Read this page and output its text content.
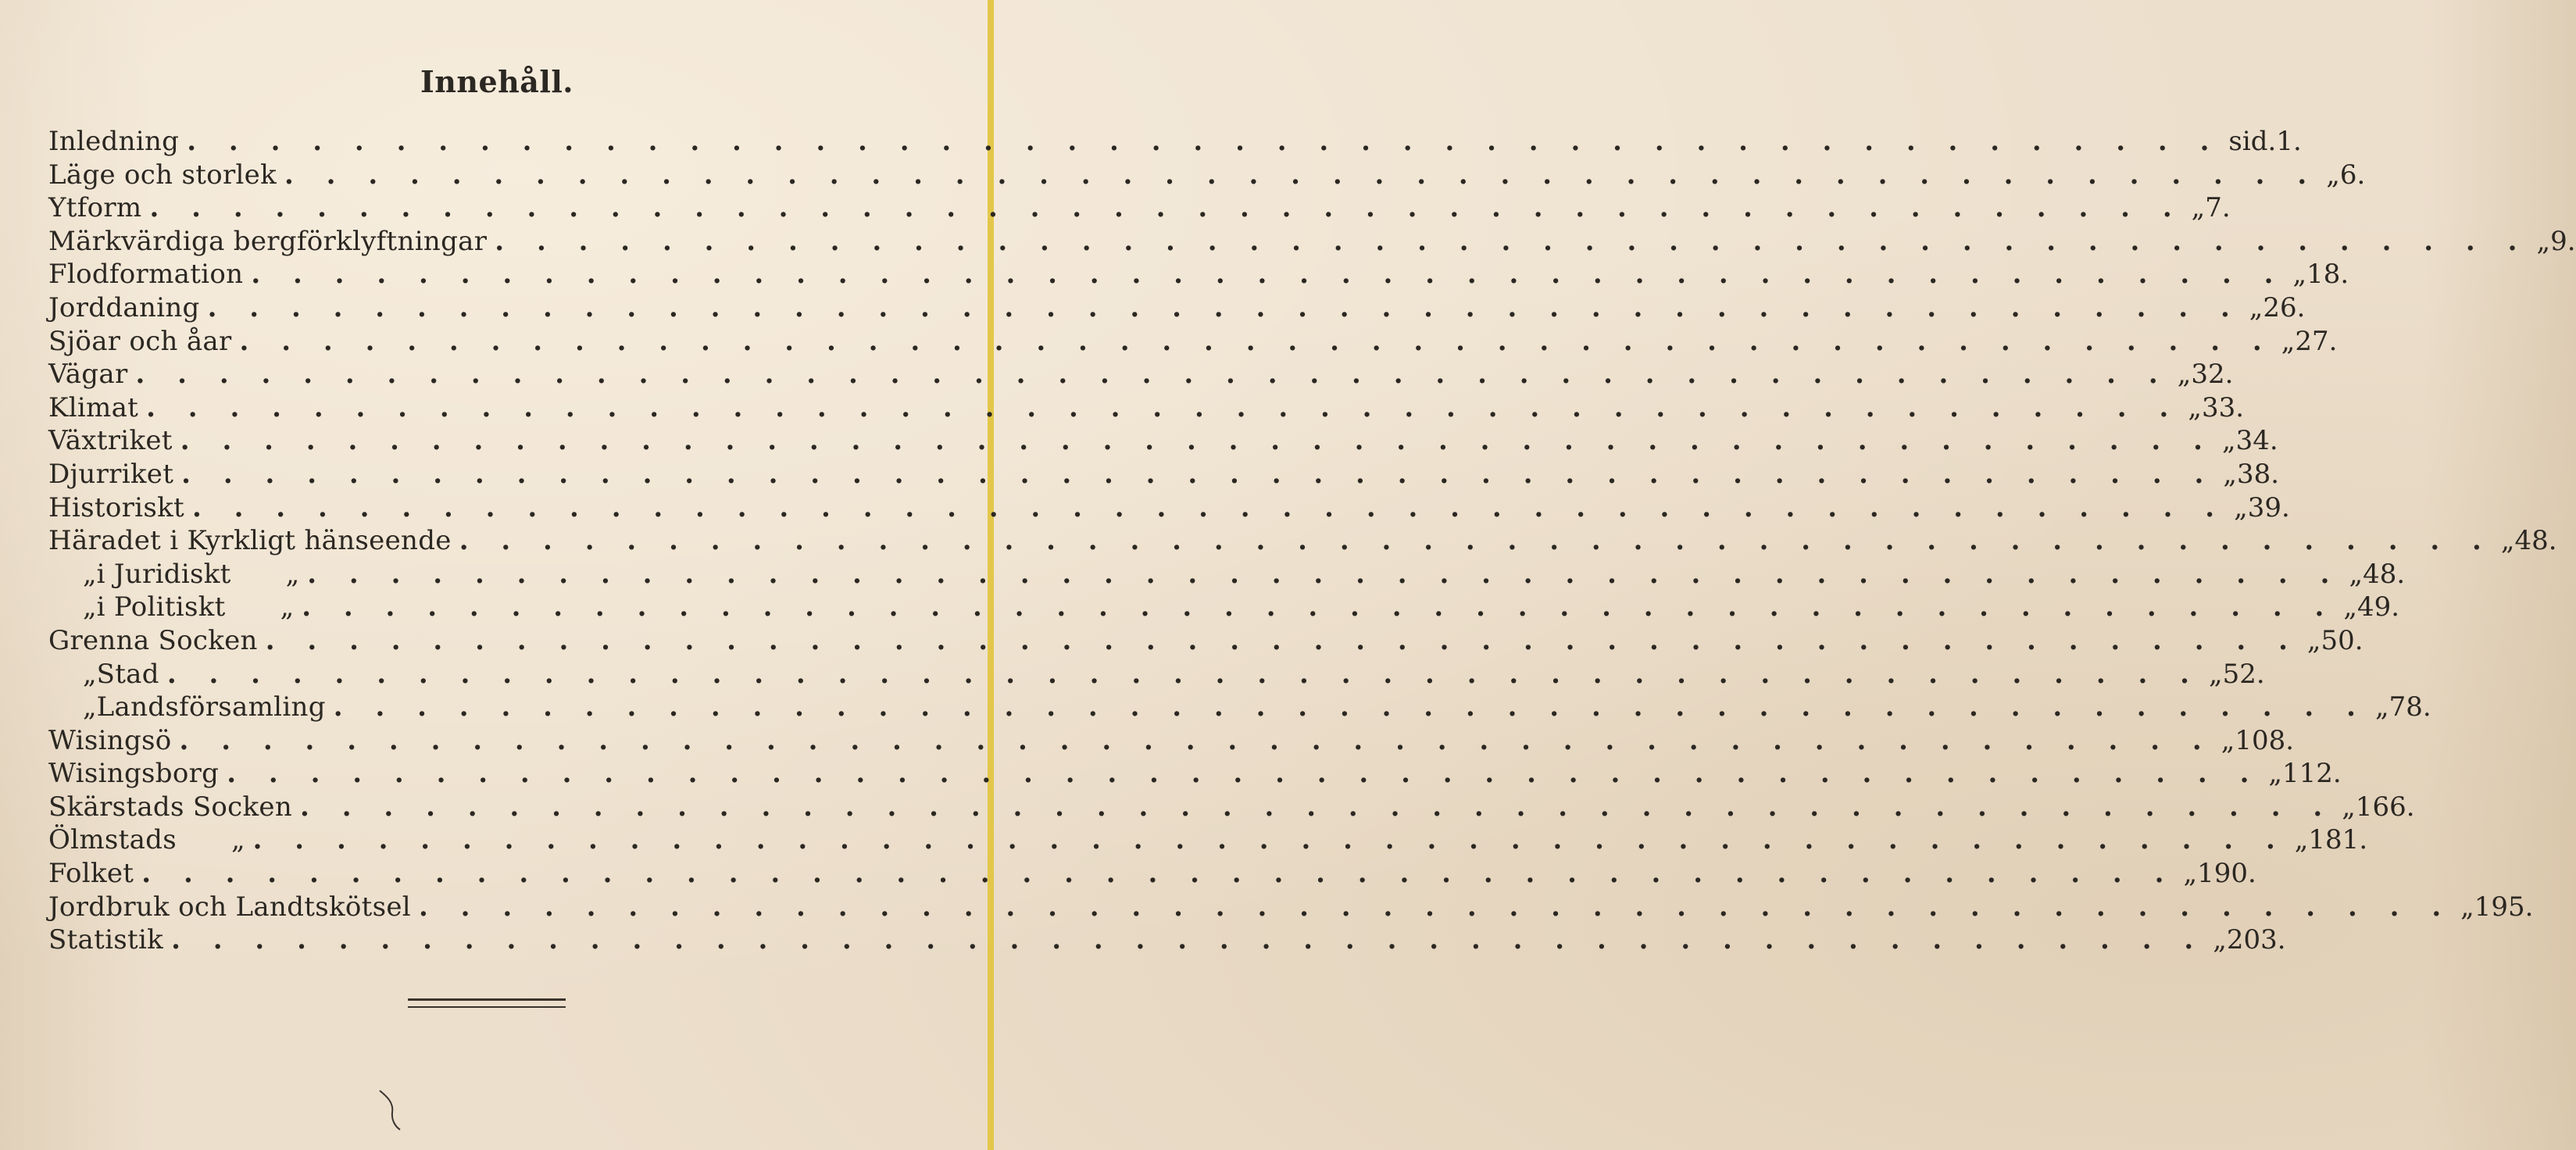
Innehåll.
Inledning . . . . . . . . . . . . . . . . . . . . . . . . . . . . . . . . . . . . . . . . . . . . . . . . . sid. 1.
Läge och storlek . . . . . . . . . . . . . . . . . . . . . . . . . . . . . . . . . . . . . . . . . . . . . . . . . „ 6.
Ytform . . . . . . . . . . . . . . . . . . . . . . . . . . . . . . . . . . . . . . . . . . . . . . . . . „ 7.
Märkvärdiga bergförklyftningar . . . . . . . . . . . . . . . . . . . . . . . . . . . . . . . . . . . . . . . . . . . . . . . . . „ 9.
Flodformation . . . . . . . . . . . . . . . . . . . . . . . . . . . . . . . . . . . . . . . . . . . . . . . . . „ 18.
Jorddaning . . . . . . . . . . . . . . . . . . . . . . . . . . . . . . . . . . . . . . . . . . . . . . . . . „ 26.
Sjöar och åar . . . . . . . . . . . . . . . . . . . . . . . . . . . . . . . . . . . . . . . . . . . . . . . . . „ 27.
Vägar . . . . . . . . . . . . . . . . . . . . . . . . . . . . . . . . . . . . . . . . . . . . . . . . . „ 32.
Klimat . . . . . . . . . . . . . . . . . . . . . . . . . . . . . . . . . . . . . . . . . . . . . . . . . „ 33.
Växtriket . . . . . . . . . . . . . . . . . . . . . . . . . . . . . . . . . . . . . . . . . . . . . . . . . „ 34.
Djurriket . . . . . . . . . . . . . . . . . . . . . . . . . . . . . . . . . . . . . . . . . . . . . . . . . „ 38.
Historiskt . . . . . . . . . . . . . . . . . . . . . . . . . . . . . . . . . . . . . . . . . . . . . . . . . „ 39.
Häradet i Kyrkligt hänseende . . . . . . . . . . . . . . . . . . . . . . . . . . . . . . . . . . . . . . . . . . . . . . . . . „ 48.
„ i Juridiskt	„ . . . . . . . . . . . . . . . . . . . . . . . . . . . . . . . . . . . . . . . . . . . . . . . . . „ 48.
„ i Politiskt	„ . . . . . . . . . . . . . . . . . . . . . . . . . . . . . . . . . . . . . . . . . . . . . . . . . „ 49.
Grenna Socken . . . . . . . . . . . . . . . . . . . . . . . . . . . . . . . . . . . . . . . . . . . . . . . . . „ 50.
„ Stad . . . . . . . . . . . . . . . . . . . . . . . . . . . . . . . . . . . . . . . . . . . . . . . . . „ 52.
„ Landsförsamling . . . . . . . . . . . . . . . . . . . . . . . . . . . . . . . . . . . . . . . . . . . . . . . . . „ 78.
Wisingsö . . . . . . . . . . . . . . . . . . . . . . . . . . . . . . . . . . . . . . . . . . . . . . . . . „ 108.
Wisingsborg . . . . . . . . . . . . . . . . . . . . . . . . . . . . . . . . . . . . . . . . . . . . . . . . . „ 112.
Skärstads Socken . . . . . . . . . . . . . . . . . . . . . . . . . . . . . . . . . . . . . . . . . . . . . . . . . „ 166.
Ölmstads	„ . . . . . . . . . . . . . . . . . . . . . . . . . . . . . . . . . . . . . . . . . . . . . . . . . „ 181.
Folket . . . . . . . . . . . . . . . . . . . . . . . . . . . . . . . . . . . . . . . . . . . . . . . . . „ 190.
Jordbruk och Landtskötsel . . . . . . . . . . . . . . . . . . . . . . . . . . . . . . . . . . . . . . . . . . . . . . . . . „ 195.
Statistik . . . . . . . . . . . . . . . . . . . . . . . . . . . . . . . . . . . . . . . . . . . . . . . . . „ 203.
